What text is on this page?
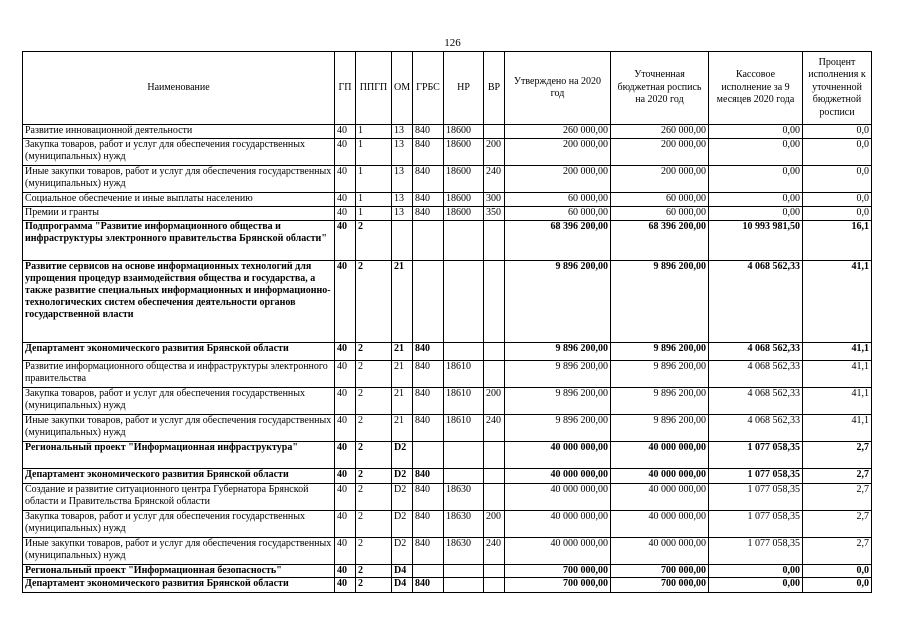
126
Наименование	ГП	ППГП	ОМ	ГРБС	НР	ВР	Утверждено на 2020 год	Уточненная бюджетная роспись на 2020 год	Кассовое исполнение за 9 месяцев 2020 года	Процент исполнения к уточненной бюджетной росписи
Развитие инновационной деятельности	40	1	13	840	18600		260 000,00	260 000,00	0,00	0,0
Закупка товаров, работ и услуг для обеспечения государственных (муниципальных) нужд	40	1	13	840	18600	200	200 000,00	200 000,00	0,00	0,0
Иные закупки товаров, работ и услуг для обеспечения государственных (муниципальных) нужд	40	1	13	840	18600	240	200 000,00	200 000,00	0,00	0,0
Социальное обеспечение и иные выплаты населению	40	1	13	840	18600	300	60 000,00	60 000,00	0,00	0,0
Премии и гранты	40	1	13	840	18600	350	60 000,00	60 000,00	0,00	0,0
Подпрограмма "Развитие информационного общества и инфраструктуры электронного правительства Брянской области"	40	2					68 396 200,00	68 396 200,00	10 993 981,50	16,1
Развитие сервисов на основе информационных технологий для упрощения процедур взаимодействия общества и государства, а также развитие специальных информационных и информационно-технологических систем обеспечения деятельности органов государственной власти	40	2	21				9 896 200,00	9 896 200,00	4 068 562,33	41,1
Департамент экономического развития Брянской области	40	2	21	840			9 896 200,00	9 896 200,00	4 068 562,33	41,1
Развитие информационного общества и инфраструктуры электронного правительства	40	2	21	840	18610		9 896 200,00	9 896 200,00	4 068 562,33	41,1
Закупка товаров, работ и услуг для обеспечения государственных (муниципальных) нужд	40	2	21	840	18610	200	9 896 200,00	9 896 200,00	4 068 562,33	41,1
Иные закупки товаров, работ и услуг для обеспечения государственных (муниципальных) нужд	40	2	21	840	18610	240	9 896 200,00	9 896 200,00	4 068 562,33	41,1
Региональный проект "Информационная инфраструктура"	40	2	D2				40 000 000,00	40 000 000,00	1 077 058,35	2,7
Департамент экономического развития Брянской области	40	2	D2	840			40 000 000,00	40 000 000,00	1 077 058,35	2,7
Создание и развитие ситуационного центра Губернатора Брянской области и Правительства Брянской области	40	2	D2	840	18630		40 000 000,00	40 000 000,00	1 077 058,35	2,7
Закупка товаров, работ и услуг для обеспечения государственных (муниципальных) нужд	40	2	D2	840	18630	200	40 000 000,00	40 000 000,00	1 077 058,35	2,7
Иные закупки товаров, работ и услуг для обеспечения государственных (муниципальных) нужд	40	2	D2	840	18630	240	40 000 000,00	40 000 000,00	1 077 058,35	2,7
Региональный проект "Информационная безопасность"	40	2	D4				700 000,00	700 000,00	0,00	0,0
Департамент экономического развития Брянской области	40	2	D4	840			700 000,00	700 000,00	0,00	0,0
